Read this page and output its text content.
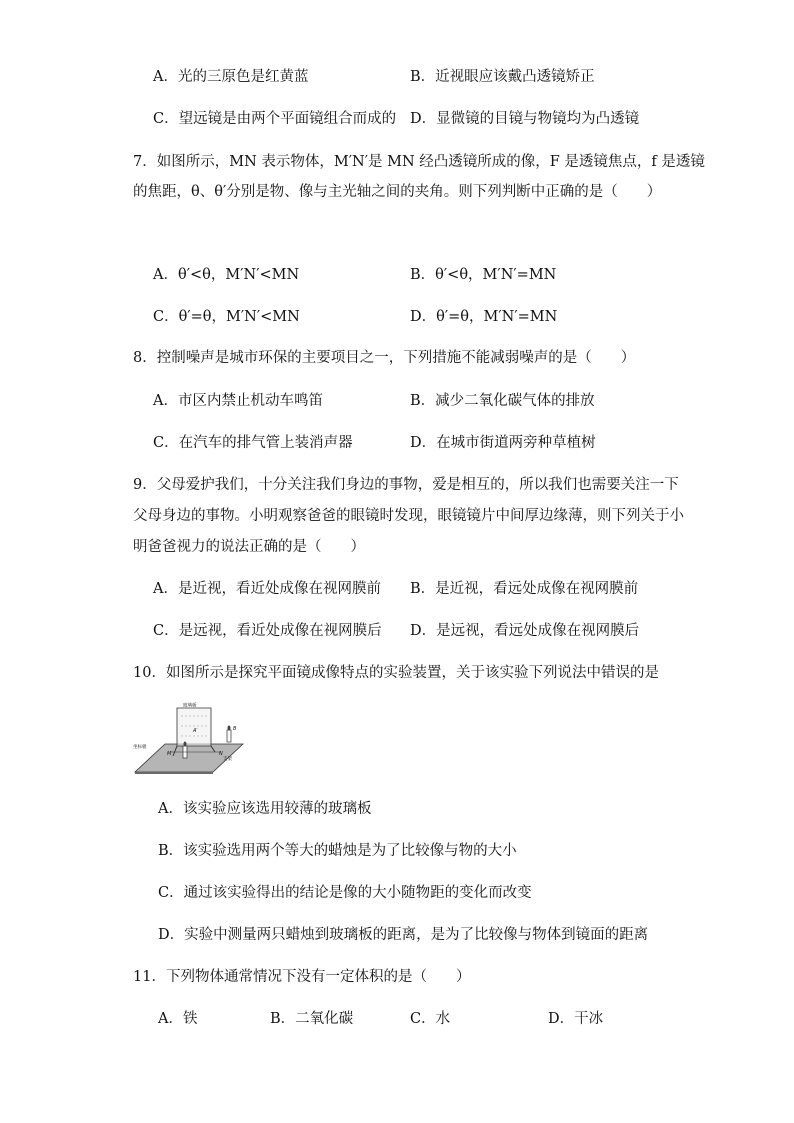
A．光的三原色是红黄蓝	B．近视眼应该戴凸透镜矫正
C．望远镜是由两个平面镜组合而成的 D．显微镜的目镜与物镜均为凸透镜
7．如图所示，MN 表示物体，M′N′是 MN 经凸透镜所成的像，F 是透镜焦点，f 是透镜
的焦距，θ、θ′分别是物、像与主光轴之间的夹角。则下列判断中正确的是（　　）
A．θ′<θ，M′N′<MN	B．θ′<θ，M′N′=MN
C．θ′=θ，M′N′<MN	D．θ′=θ，M′N′=MN
8．控制噪声是城市环保的主要项目之一，下列措施不能减弱噪声的是（　　）
A．市区内禁止机动车鸣笛	B．减少二氧化碳气体的排放
C．在汽车的排气管上装消声器	D．在城市街道两旁种草植树
9．父母爱护我们，十分关注我们身边的事物，爱是相互的，所以我们也需要关注一下
父母身边的事物。小明观察爸爸的眼镜时发现，眼镜镜片中间厚边缘薄，则下列关于小
明爸爸视力的说法正确的是（　　）
A．是近视，看近处成像在视网膜前 B．是近视，看远处成像在视网膜前
C．是远视，看近处成像在视网膜后 D．是远视，看远处成像在视网膜后
10．如图所示是探究平面镜成像特点的实验装置，关于该实验下列说法中错误的是
玻璃板
坐标板
支架
M	N
A′	B
A．该实验应该选用较薄的玻璃板
B．该实验选用两个等大的蜡烛是为了比较像与物的大小
C．通过该实验得出的结论是像的大小随物距的变化而改变
D．实验中测量两只蜡烛到玻璃板的距离，是为了比较像与物体到镜面的距离
11．下列物体通常情况下没有一定体积的是（　　）
A．铁	B．二氧化碳	C．水	D．干冰
